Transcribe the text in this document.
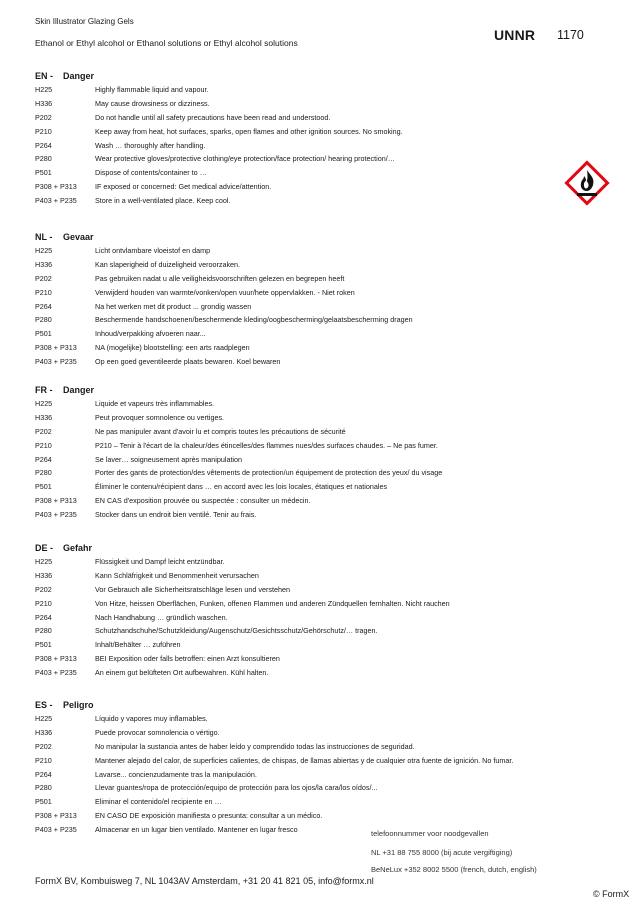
Skin Illustrator Glazing Gels
Ethanol or Ethyl alcohol or Ethanol solutions or Ethyl alcohol solutions	UNNR 1170
EN - Danger
H225	Highly flammable liquid and vapour.
H336	May cause drowsiness or dizziness.
P202	Do not handle until all safety precautions have been read and understood.
P210	Keep away from heat, hot surfaces, sparks, open flames and other ignition sources. No smoking.
P264	Wash … thoroughly after handling.
P280	Wear protective gloves/protective clothing/eye protection/face protection/ hearing protection/…
P501	Dispose of contents/container to …
P308 + P313	IF exposed or concerned: Get medical advice/attention.
P403 + P235	Store in a well-ventilated place. Keep cool.
NL - Gevaar
H225	Licht ontvlambare vloeistof en damp
H336	Kan slaperigheid of duizeligheid veroorzaken.
P202	Pas gebruiken nadat u alle veiligheidsvoorschriften gelezen en begrepen heeft
P210	Verwijderd houden van warmte/vonken/open vuur/hete oppervlakken. - Niet roken
P264	Na het werken met dit product ... grondig wassen
P280	Beschermende handschoenen/beschermende kleding/oogbescherming/gelaatsbescherming dragen
P501	Inhoud/verpakking afvoeren naar...
P308 + P313	NA (mogelijke) blootstelling: een arts raadplegen
P403 + P235	Op een goed geventileerde plaats bewaren. Koel bewaren
FR - Danger
H225	Liquide et vapeurs très inflammables.
H336	Peut provoquer somnolence ou vertiges.
P202	Ne pas manipuler avant d'avoir lu et compris toutes les précautions de sécurité
P210	P210 – Tenir à l'écart de la chaleur/des étincelles/des flammes nues/des surfaces chaudes. – Ne pas fumer.
P264	Se laver… soigneusement après manipulation
P280	Porter des gants de protection/des vêtements de protection/un équipement de protection des yeux/ du visage
P501	Éliminer le contenu/récipient dans … en accord avec les lois locales, étatiques et nationales
P308 + P313	EN CAS d'exposition prouvée ou suspectée : consulter un médecin.
P403 + P235	Stocker dans un endroit bien ventilé. Tenir au frais.
DE - Gefahr
H225	Flüssigkeit und Dampf leicht entzündbar.
H336	Kann Schläfrigkeit und Benommenheit verursachen
P202	Vor Gebrauch alle Sicherheitsratschläge lesen und verstehen
P210	Von Hitze, heissen Oberflächen, Funken, offenen Flammen und anderen Zündquellen fernhalten. Nicht rauchen
P264	Nach Handhabung … gründlich waschen.
P280	Schutzhandschuhe/Schutzkleidung/Augenschutz/Gesichtsschutz/Gehörschutz/… tragen.
P501	Inhalt/Behälter … zuführen
P308 + P313	BEI Exposition oder falls betroffen: einen Arzt konsultieren
P403 + P235	An einem gut belüfteten Ort aufbewahren. Kühl halten.
ES - Peligro
H225	Líquido y vapores muy inflamables.
H336	Puede provocar somnolencia o vértigo.
P202	No manipular la sustancia antes de haber leído y comprendido todas las instrucciones de seguridad.
P210	Mantener alejado del calor, de superficies calientes, de chispas, de llamas abiertas y de cualquier otra fuente de ignición. No fumar.
P264	Lavarse... concienzudamente tras la manipulación.
P280	Llevar guantes/ropa de protección/equipo de protección para los ojos/la cara/los oídos/...
P501	Eliminar el contenido/el recipiente en …
P308 + P313	EN CASO DE exposición manifiesta o presunta: consultar a un médico.
P403 + P235	Almacenar en un lugar bien ventilado. Mantener en lugar fresco	telefoonnummer voor noodgevallen
NL +31 88 755 8000 (bij acute vergiftiging)
BeNeLux +352 8002 5500 (french, dutch, english)
FormX BV, Kombuisweg 7, NL 1043AV Amsterdam, +31 20 41 821 05, info@formx.nl
© FormX
